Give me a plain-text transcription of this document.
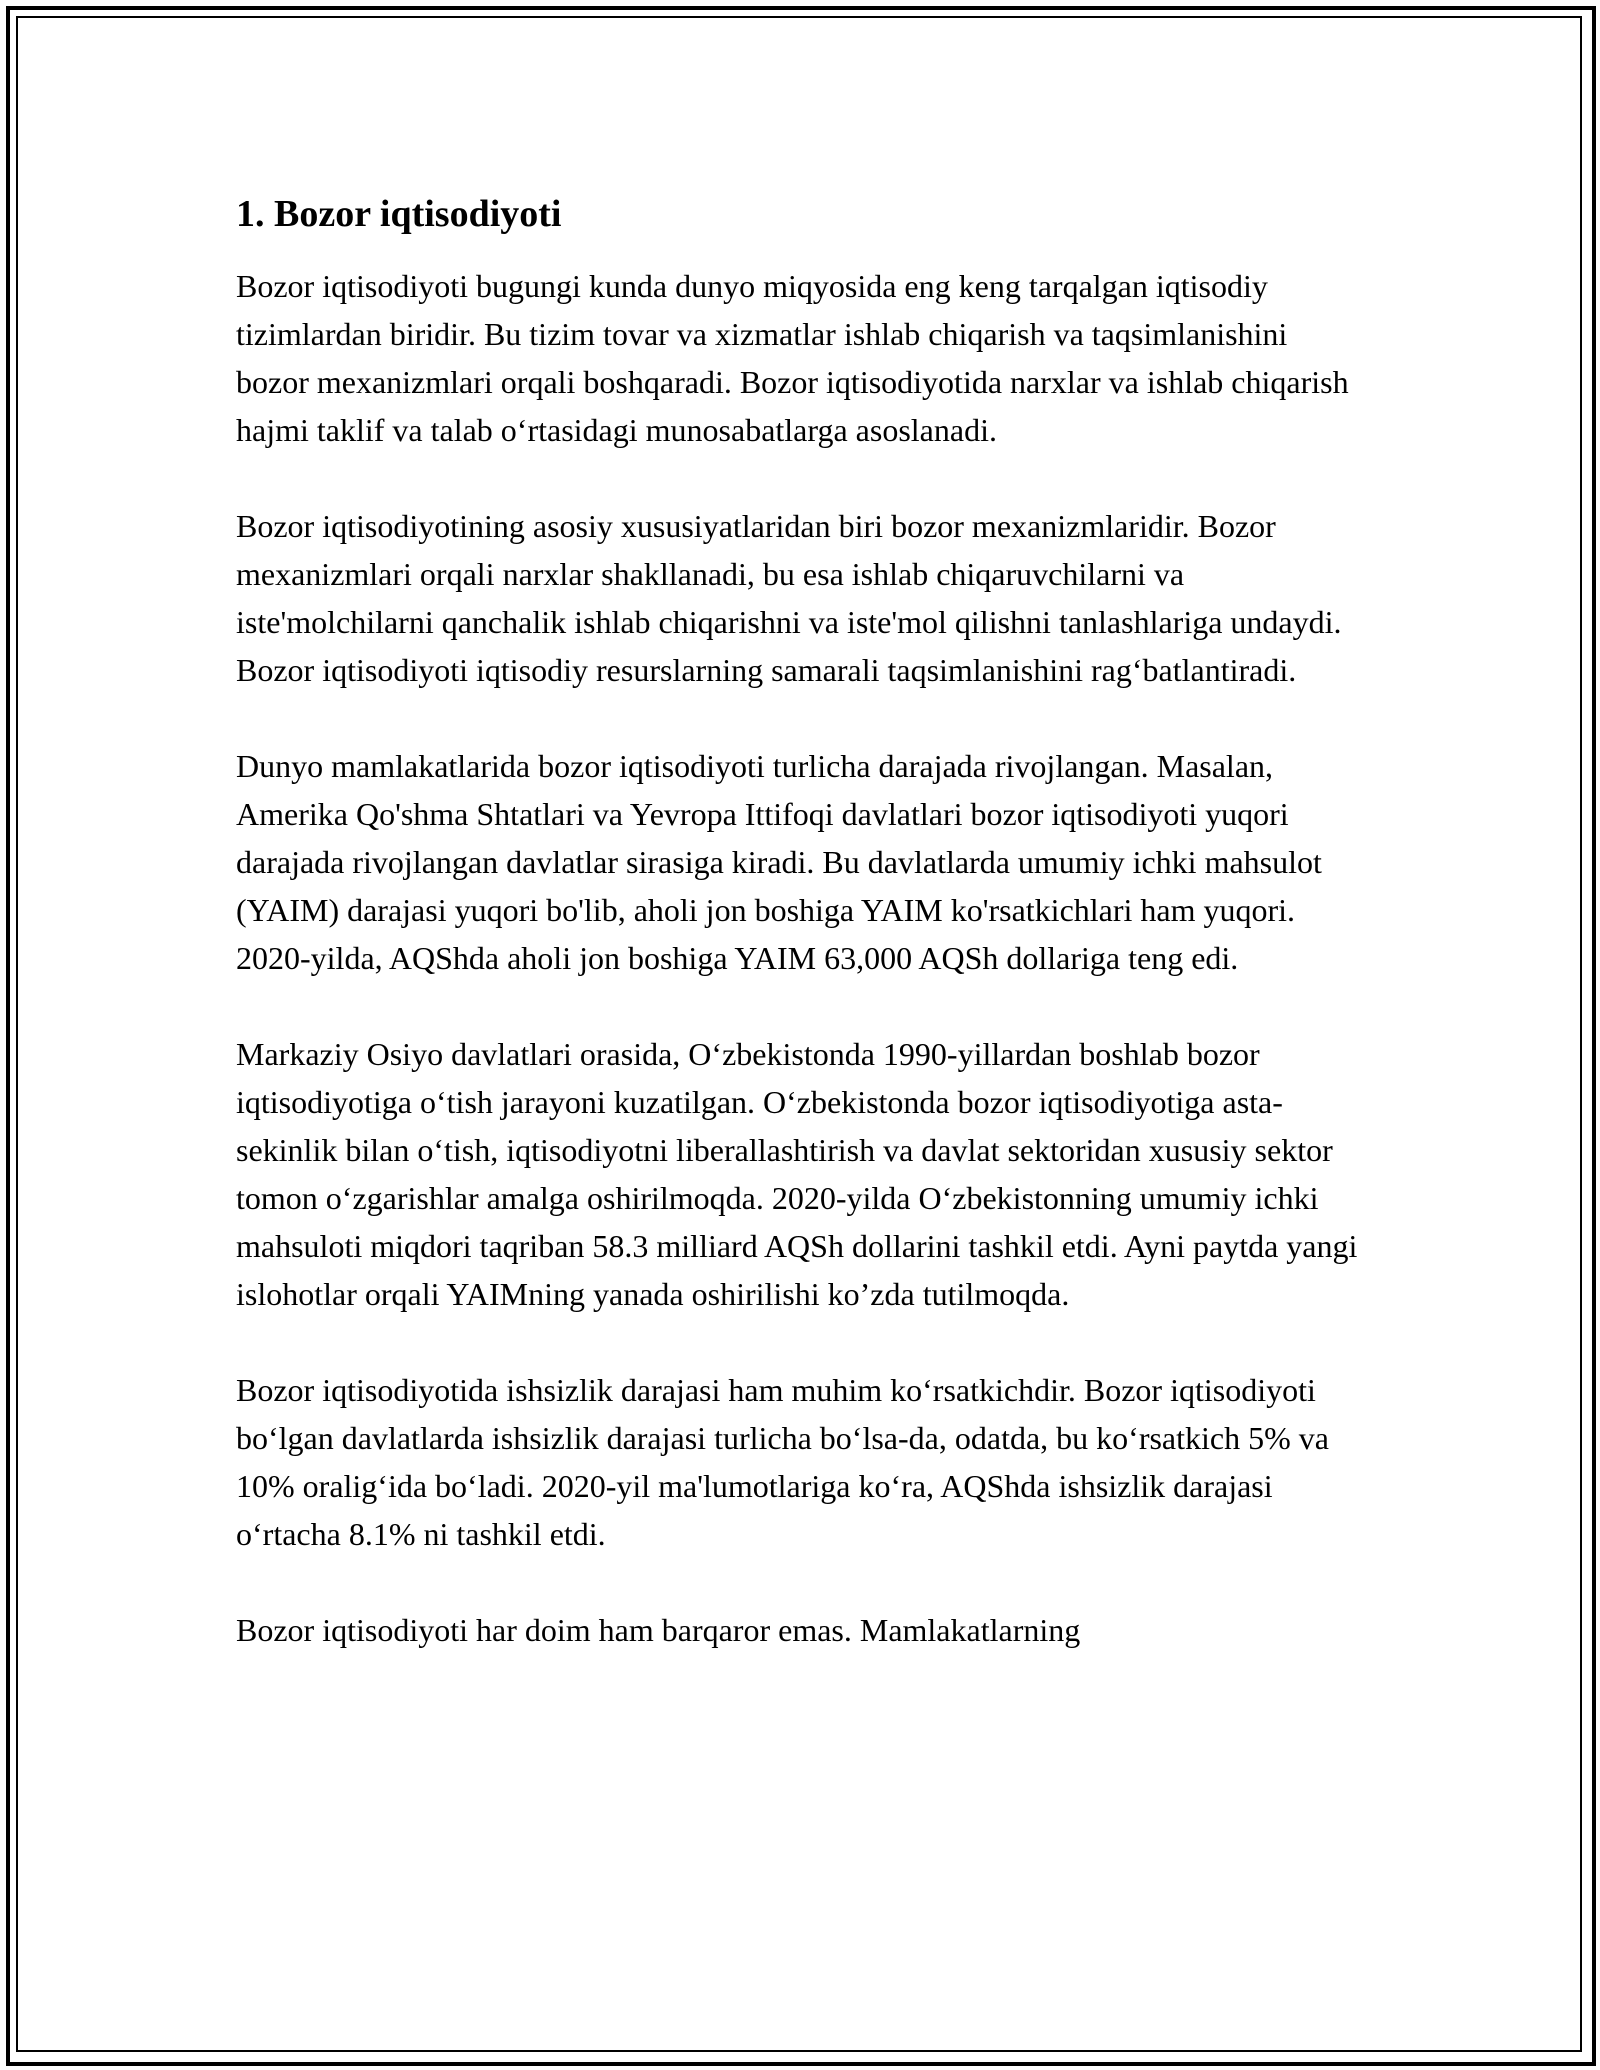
1. Bozor iqtisodiyoti

Bozor iqtisodiyoti bugungi kunda dunyo miqyosida eng keng tarqalgan iqtisodiy tizimlardan biridir. Bu tizim tovar va xizmatlar ishlab chiqarish va taqsimlanishini bozor mexanizmlari orqali boshqaradi. Bozor iqtisodiyotida narxlar va ishlab chiqarish hajmi taklif va talab o‘rtasidagi munosabatlarga asoslanadi.

Bozor iqtisodiyotining asosiy xususiyatlaridan biri bozor mexanizmlaridir. Bozor mexanizmlari orqali narxlar shakllanadi, bu esa ishlab chiqaruvchilarni va iste'molchilarni qanchalik ishlab chiqarishni va iste'mol qilishni tanlashlariga undaydi. Bozor iqtisodiyoti iqtisodiy resurslarning samarali taqsimlanishini rag‘batlantiradi.

Dunyo mamlakatlarida bozor iqtisodiyoti turlicha darajada rivojlangan. Masalan, Amerika Qo'shma Shtatlari va Yevropa Ittifoqi davlatlari bozor iqtisodiyoti yuqori darajada rivojlangan davlatlar sirasiga kiradi. Bu davlatlarda umumiy ichki mahsulot (YAIM) darajasi yuqori bo'lib, aholi jon boshiga YAIM ko'rsatkichlari ham yuqori. 2020-yilda, AQShda aholi jon boshiga YAIM 63,000 AQSh dollariga teng edi.

Markaziy Osiyo davlatlari orasida, O‘zbekistonda 1990-yillardan boshlab bozor iqtisodiyotiga o‘tish jarayoni kuzatilgan. O‘zbekistonda bozor iqtisodiyotiga asta-sekinlik bilan o‘tish, iqtisodiyotni liberallashtirish va davlat sektoridan xususiy sektor tomon o‘zgarishlar amalga oshirilmoqda. 2020-yilda O‘zbekistonning umumiy ichki mahsuloti miqdori taqriban 58.3 milliard AQSh dollarini tashkil etdi. Ayni paytda yangi islohotlar orqali YAIMning yanada oshirilishi ko’zda tutilmoqda.

Bozor iqtisodiyotida ishsizlik darajasi ham muhim ko‘rsatkichdir. Bozor iqtisodiyoti bo‘lgan davlatlarda ishsizlik darajasi turlicha bo‘lsa-da, odatda, bu ko‘rsatkich 5% va 10% oralig‘ida bo‘ladi. 2020-yil ma'lumotlariga ko‘ra, AQShda ishsizlik darajasi o‘rtacha 8.1% ni tashkil etdi.

Bozor iqtisodiyoti har doim ham barqaror emas. Mamlakatlarning
